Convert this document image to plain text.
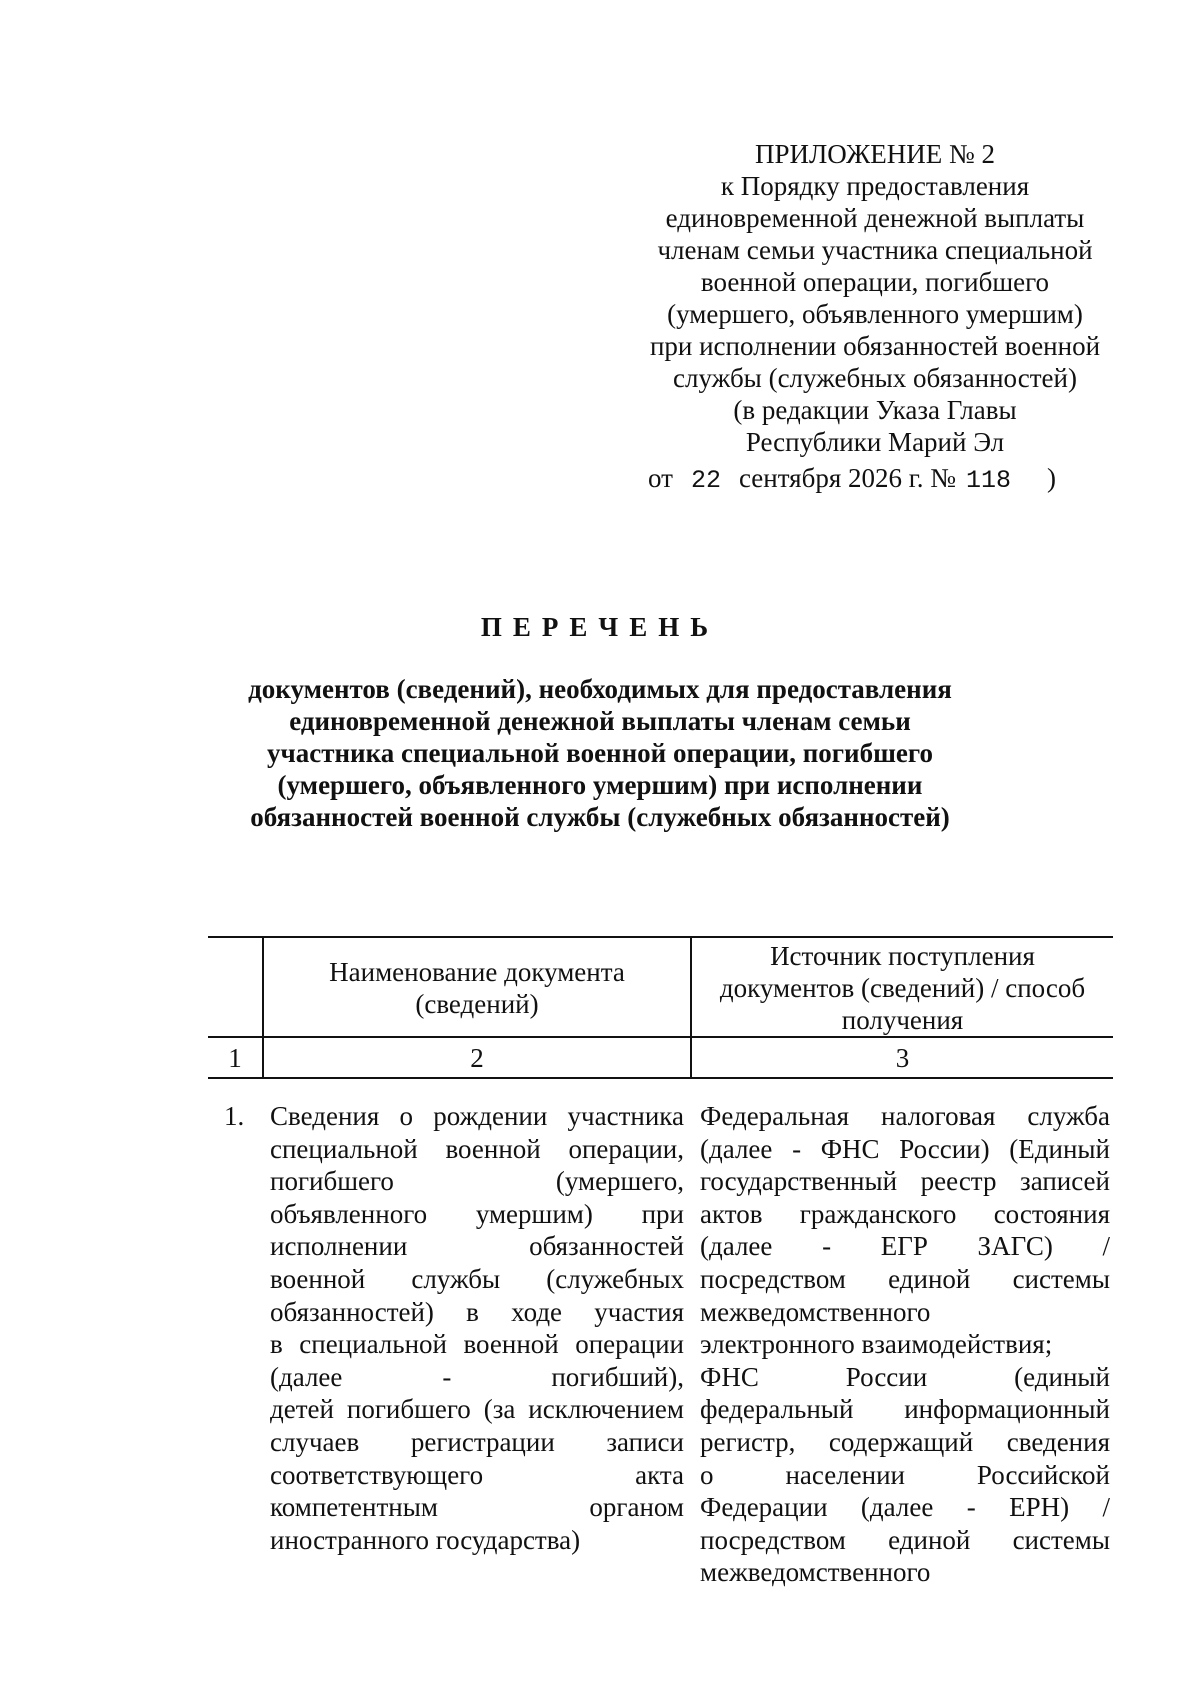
ПРИЛОЖЕНИЕ № 2
к Порядку предоставления
единовременной денежной выплаты
членам семьи участника специальной
военной операции, погибшего
(умершего, объявленного умершим)
при исполнении обязанностей военной
службы (служебных обязанностей)
(в редакции Указа Главы
Республики Марий Эл
от 22 сентября 2026 г. № 118 )
ПЕРЕЧЕНЬ
документов (сведений), необходимых для предоставления
единовременной денежной выплаты членам семьи
участника специальной военной операции, погибшего
(умершего, объявленного умершим) при исполнении
обязанностей военной службы (служебных обязанностей)
Наименование документа
(сведений)
Источник поступления
документов (сведений) / способ
получения
1	2	3
1. Сведения о рождении участника
специальной военной операции,
погибшего (умершего,
объявленного умершим) при
исполнении обязанностей
военной службы (служебных
обязанностей) в ходе участия
в специальной военной операции
(далее - погибший),
детей погибшего (за исключением
случаев регистрации записи
соответствующего акта
компетентным органом
иностранного государства)
Федеральная налоговая служба
(далее - ФНС России) (Единый
государственный реестр записей
актов гражданского состояния
(далее - ЕГР ЗАГС) /
посредством единой системы
межведомственного
электронного взаимодействия;
ФНС России (единый
федеральный информационный
регистр, содержащий сведения
о населении Российской
Федерации (далее - ЕРН) /
посредством единой системы
межведомственного
